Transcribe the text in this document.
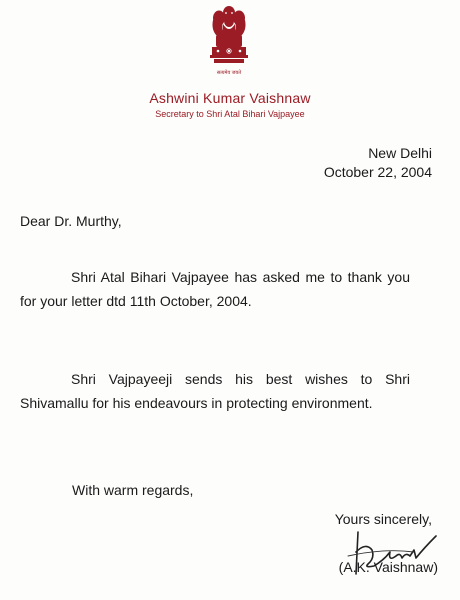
सत्यमेव जयते
Ashwini Kumar Vaishnaw
Secretary to Shri Atal Bihari Vajpayee
New Delhi
October 22, 2004
Dear Dr. Murthy,
Shri Atal Bihari Vajpayee has asked me to thank you for your letter dtd 11th October, 2004.
Shri Vajpayeeji sends his best wishes to Shri Shivamallu for his endeavours in protecting environment.
With warm regards,
Yours sincerely,
(A.K. Vaishnaw)
